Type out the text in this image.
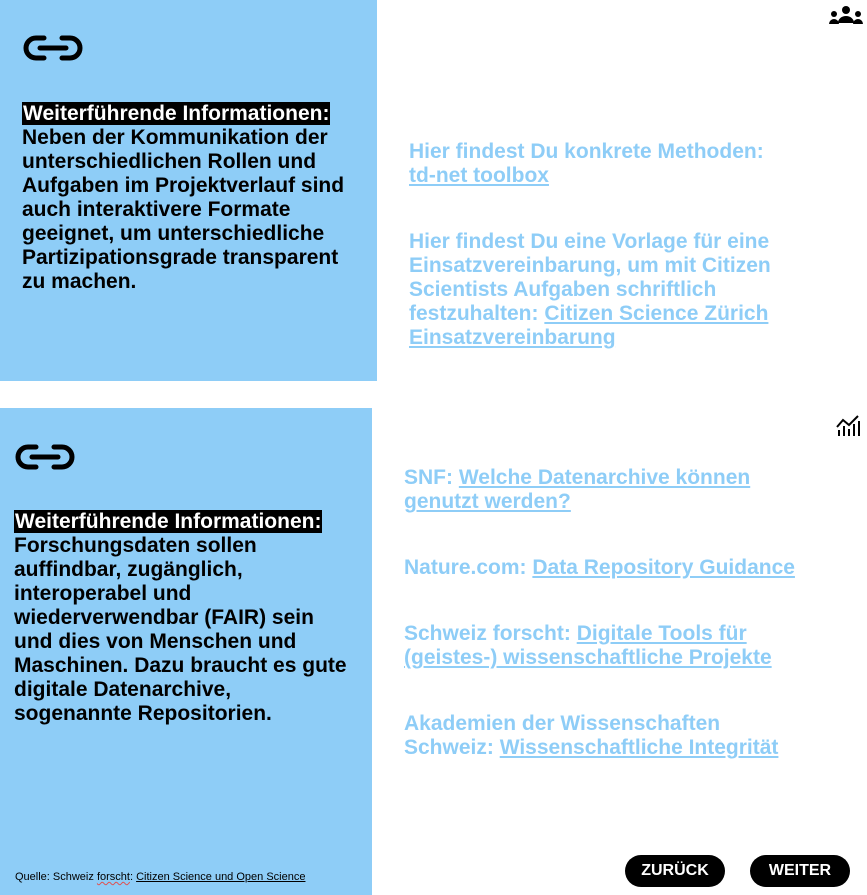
Weiterführende Informationen:
Neben der Kommunikation der unterschiedlichen Rollen und Aufgaben im Projektverlauf sind auch interaktivere Formate geeignet, um unterschiedliche Partizipationsgrade transparent zu machen.

Hier findest Du konkrete Methoden:
td-net toolbox

Hier findest Du eine Vorlage für eine Einsatzvereinbarung, um mit Citizen Scientists Aufgaben schriftlich festzuhalten: Citizen Science Zürich Einsatzvereinbarung

Weiterführende Informationen:
Forschungsdaten sollen auffindbar, zugänglich, interoperabel und wiederverwendbar (FAIR) sein und dies von Menschen und Maschinen. Dazu braucht es gute digitale Datenarchive, sogenannte Repositorien.

SNF: Welche Datenarchive können genutzt werden?

Nature.com: Data Repository Guidance

Schweiz forscht: Digitale Tools für (geistes-) wissenschaftliche Projekte

Akademien der Wissenschaften Schweiz: Wissenschaftliche Integrität

Quelle: Schweiz forscht: Citizen Science und Open Science	ZURÜCK	WEITER
